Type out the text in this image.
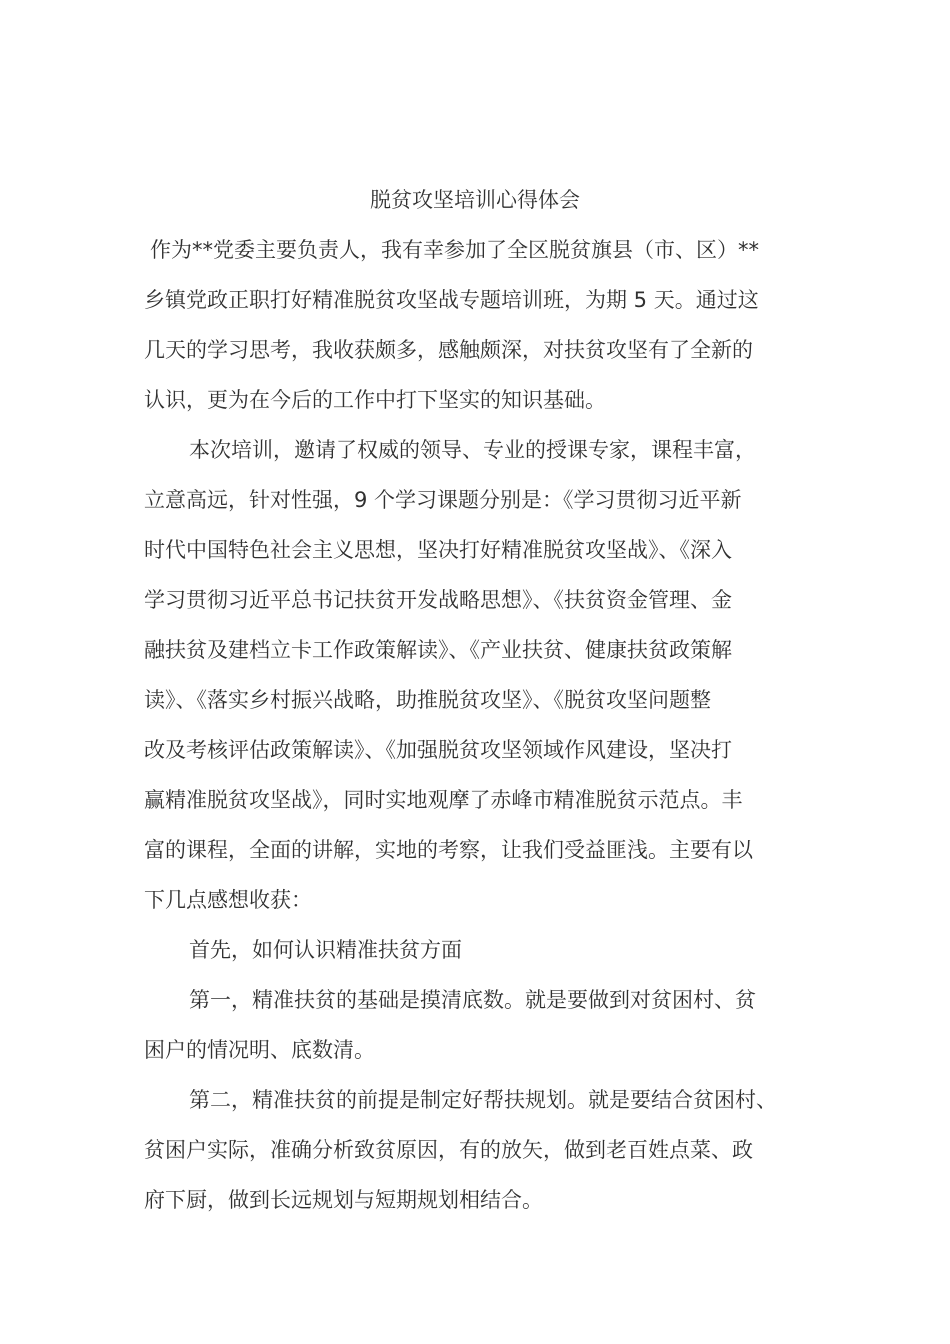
脱贫攻坚培训心得体会
作为**党委主要负责人，我有幸参加了全区脱贫旗县（市、区）**
乡镇党政正职打好精准脱贫攻坚战专题培训班，为期 5 天。通过这
几天的学习思考，我收获颇多，感触颇深，对扶贫攻坚有了全新的
认识，更为在今后的工作中打下坚实的知识基础。
本次培训，邀请了权威的领导、专业的授课专家，课程丰富，
立意高远，针对性强，9 个学习课题分别是：《学习贯彻习近平新
时代中国特色社会主义思想，坚决打好精准脱贫攻坚战》、《深入
学习贯彻习近平总书记扶贫开发战略思想》、《扶贫资金管理、金
融扶贫及建档立卡工作政策解读》、《产业扶贫、健康扶贫政策解
读》、《落实乡村振兴战略，助推脱贫攻坚》、《脱贫攻坚问题整
改及考核评估政策解读》、《加强脱贫攻坚领域作风建设，坚决打
赢精准脱贫攻坚战》，同时实地观摩了赤峰市精准脱贫示范点。丰
富的课程，全面的讲解，实地的考察，让我们受益匪浅。主要有以
下几点感想收获：
首先，如何认识精准扶贫方面
第一，精准扶贫的基础是摸清底数。就是要做到对贫困村、贫
困户的情况明、底数清。
第二，精准扶贫的前提是制定好帮扶规划。就是要结合贫困村、
贫困户实际，准确分析致贫原因，有的放矢，做到老百姓点菜、政
府下厨，做到长远规划与短期规划相结合。
